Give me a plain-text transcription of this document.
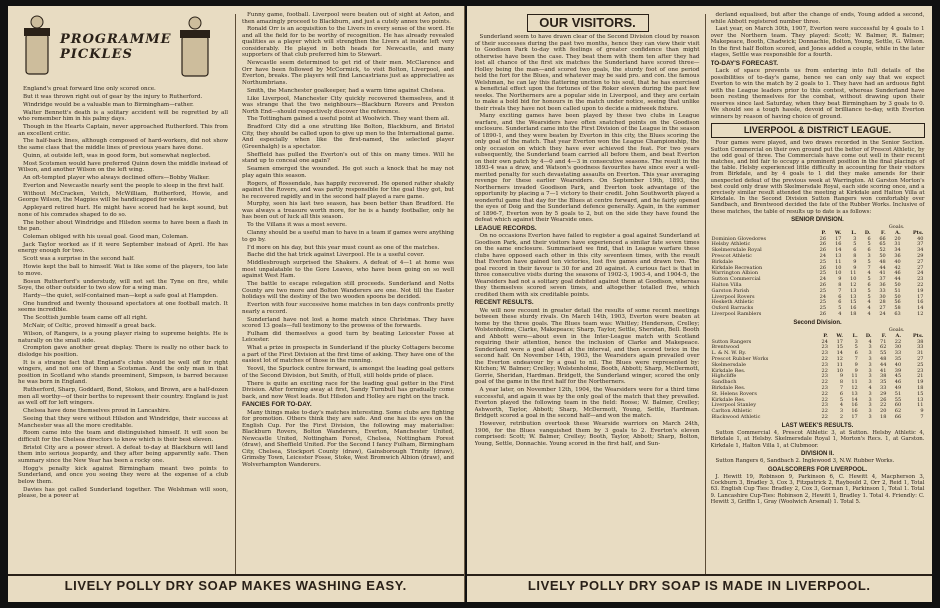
PROGRAMME PICKLES

England's great forward line only scored once.

But it was thrown right out of gear by the injury to Rutherford.

Windridge would be a valuable man to Birmingham—rather.

Walter Bennett's death is a solitary accident will be regretted by all who remember him in his palmy days.

Though in the Hearts Captain, never approached Rutherford. This from an excellent critic.

The half-back lines, although composed of hard-workers, did not show the same class that the middle lines of previous years have done.

Quinn, at outside left, was in good form, but somewhat neglected.

Most Scotsmen would have preferred Quinn down the middle instead of Wilson, and another Wilson on the left wing.

An oft-tempted player who always declined offers—Bobby Walker.

Everton and Newcastle nearly sent the people to sleep in the first half.

Without McCracken, Veitch, McWilliam, Rutherford, Howie, and George Wilson, the Magpies will be handicapped for weeks.

Appleyard retired hurt. He might have scored had he kept sound, but none of his comrades shaped to do so.

The bother about Windridge and Hilsdon seems to have been a flash in the pan.

Coleman obliged with his usual goal. Good man, Coleman.

Jack Taylor worked as if it were September instead of April. He has energy enough for two.

Scott was a surprise in the second half.

Howie kept the ball to himself. Wat is like some of the players, too late to move.

Bosun Rutherford's understudy, will not set the Tyne on fire, while Soye, the other outsider to two slow for a wing man.

Hardy—the quiet, self-contained man—kept a safe goal at Hampden.

One hundred and twenty thousand spectators at one football match. It seems incredible.

The Scottish jumble team came off all right.

McNair, of Celtic, proved himself a great back.

Wilson, of Rangers, is a young player rising to supreme heights. He is naturally on the small side.

Crompton gave another great display. There is really no other back to dislodge his position.

It is a strange fact that England's clubs should be well off for right wingers, and not one of them a Scotsman. And the only man in that position in Scotland who stands preeminent, Simpson, is barred because he was born in England.

Rutherford, Sharp, Goddard, Bond, Stokes, and Brown, are a half-dozen men all worthy—of their berths to represent their country. England is just as well off for left wingers.

Chelsea have done themselves proud in Lancashire.

Seeing that they were without Hilsdon and Windridge, their success at Manchester was all the more creditable.

Room came into the team and distinguished himself. It will soon be difficult for the Chelsea directors to know which is their best eleven.

Bristol City are a power street. A defeat to-day at Blackburn will land them into serious jeopardy, and they after being apparently safe. Then summary since the New Year has been a rocky one.

Hogg's penalty kick against Birmingham meant two points to Sunderland, and once you seeing they were at the expense of a club below them.

Davies has got called Sunderland together. The Welshman will soon, please, be a power at

Funny game, football. Liverpool were beaten out of sight at Aston, and then amazingly proceed to Blackburn, and just a cutely annex two points.

Ronald Orr is an acquisition to the Livers in every sense of the word. He and all the field for to be worthy of recognition. He has already revealed qualities as a player which will strengthen the Livers at inside left very considerably. He played in both heads for Newcastle, and many supporters of that club preferred him to Stewart.

Newcastle seem determined to get rid of their men. McClarence and Orr have been followed by McCormick, to visit Bolton, Liverpool, and Everton, breaks. The players will find Lancastrians just as appreciative as Northumbrians.

Smith, the Manchester goalkeeper, had a warm time against Chelsea.

Like Liverpool, Manchester City quickly recovered themselves, and it was strange that the two neighbours—Blackburn Rovers and Preston North End—should respectively discover the reference.

The Tottingham gained a useful point at Woolwich. They want them all.

Bradford City did a one strutting like Bolton, Blackburn, and Bristol City, they should be called upon to give up men to the International game. And especially when like the first-named, the selected player (Greenhalgh) is a spectator.

Sheffield has pulled the Everton's out of this on many times. Will he stand up to conceal one again?

Seamen emerged the wounded. He got such a knock that he may not play again this season.

Rogers, of Rossendale, has happily recovered. He opened rather shakily against the Rovers, and was partly responsible for the goal they got, but he recovered rapidly and in the second half played a rare game.

Murphy, seen his last two season, has been better than Bradford. He was always a treasure worth more, for he is a handy footballer, only he has been out of luck all this season.

To the Villans it was a most severe.

Clanny should be a useful man to have in a team if games were anything to go by.

I'd more on his day, but this year must count as one of the matches.

Bache did the hat trick against Liverpool. He is a useful cover.

Middlesbrough surprised the Shakers. A defeat of 4—1 at home was most unpalatable to the Gore Leaves, who have been going on so well against West Ham.

The battle to escape relegation still proceeds. Sunderland and Notts County are two more and Bolton Wanderers are one. Not till the Easter holidays will the destiny of the two wooden spoons be decided.

Everton with four successive home matches in ten days confronts pretty nearly a record.

Sunderland have not lost a home match since Christmas. They have scored 13 goals—full testimony to the prowess of the forwards.

Fulham did themselves a good turn by beating Leicester Fosse at Leicester.

What a prize in prospects in Sunderland if the plucky Cottagers become a part of the First Division at the first time of asking. They have one of the easiest lot of matches of those in the running.

Yeovil, the Spurlock centre forward, is amongst the leading goal getters of the Second Division, but Smith, of Hull, still holds pride of place.

There is quite an exciting race for the leading goal getter in the First Division. After forming away at first, Sandy Turnbull has gradually come back, and now West leads. But Hilsdon and Holley are right on the track.

FANCIES FOR TO-DAY.

Many things make to-day's matches interesting. Some clubs are fighting for promotion. Others think they are safe. And one has its eyes on the English Cup. For the First Division, the following may materialise: Blackburn Rovers, Bolton Wanderers, Everton, Manchester United, Newcastle United, Nottingham Forest, Chelsea, Nottingham Forest (draw), and Sheffield United. For the Second I fancy Fulham, Birmingham City, Chelsea, Stockport County (draw), Gainsborough Trinity (draw), Grimsby Town, Leicester Fosse, Stoke, West Bromwich Albion (draw), and Wolverhampton Wanderers.

LIVELY POLLY DRY SOAP MAKES WASHING EASY.
OUR VISITORS.

Sunderland seem to have drawn clear of the Second Division cloud by reason of their successes during the past two months, hence they can view their visit to Goodison Park to-day with feelings of greater confidence than might otherwise have been the case. They beat them with them ten after they had lost all chance of the first six matches the Sunderland have scored three—Holley being the man—and scored two goals, the sturdy foot of one period held the fort for the Blues, and whatever may be said pro. and con. the famous Welshman, he can lay this flattering unction to his soul, that he has exercised a beneficial effect upon the fortunes of the Roker eleven during the past few weeks. The Northerners are a popular side in Liverpool, and they are certain to make a bold bid for honours in the match under notice, seeing that unlike their rivals they have not been called upon to decide a midweek fixture.

Many exciting games have been played by these two clubs in League warfare, and the Wearsiders have often snatched points on the Goodison enclosure. Sunderland came into the First Division of the League in the season of 1890-1, and they were beaten by Everton in this city, the Blues scoring the only goal of the match. That year Everton won the League Championship, the only occasion on which they have ever achieved the feat. For two years subsequently, the Sunderland team carried all before them, and beat Everton on their own patch by 4—0 and 4—3 in consecutive seasons. The result in the 1893-4 was a draw, and Watson's goodness favourites have since ever a well-merited penalty for such devastating assaults on Everton. This year averaging revenge for these earlier Wearsiders. On September 19th, 1893, the Northerners invaded Goodison Park, and Everton took advantage of the opportunity by placing a 7—1 victory to their credit. John Southworth played a wonderful game that day for the Blues at centre forward, and he fairly opened the eyes of Doig and the Sunderland defence generally. Again, in the summer of 1896-7, Everton won by 5 goals to 2, but on the side they have found the defeat which against their Wearside ones.

LEAGUE RECORDS.

On no occasions Everton have failed to register a goal against Sunderland at Goodison Park, and their visitors have experienced a similar fate seven times on the same enclosure. Summarised we find, that in League warfare these clubs have opposed each other in this city seventeen times, with the result that Everton have gained ten victories, lost five games and drawn two. The goal record in their favour is 30 for and 20 against. A curious fact is that in three consecutive visits during the seasons of 1902-3, 1903-4, and 1904-5, the Wearsiders had not a solitary goal debited against them at Goodison, whereas they themselves scored seven times, and altogether totalled five, which credited them with six creditable points.

RECENT RESULTS.

We will now recount in greater detail the results of some recent meetings between these sturdy rivals. On March 14th, 1903, Everton were beaten at home by the three goals. The Blues team was: Whitley; Henderson, Crelley; Wolstenholme, Clarke, Makepeace; Sharp, Taylor, Settle, Sheridan, Bell. Booth and Abbott were—about even in the Inter-League match with Scotland requiring their attention, hence the inclusion of Clarke and Makepeace. Sunderland were a goal ahead at the interval, and then scored twice in the second half. On November 14th, 1903, the Wearsiders again prevailed over the Everton endeavour by a goal to nil. The Blues were represented by: Kitchen; W. Balmer; Crelley; Wolstenholme, Booth, Abbott; Sharp, McDermott, Gorrie, Sheridan, Hardman. Bridgett, the Sunderland winger, scored the only goal of the game in the first half for the Northerners.

A year later, on November 12th, 1904, the Wearsiders were for a third time successful, and again it was by the only goal of the match that they prevailed. Everton played the following team in the field: Roose; W. Balmer, Crelley; Ashworth, Taylor, Abbott; Sharp, McDermott, Young, Settle, Hardman. Bridgett scored a goal in the second half—and won the match.

However, retribution overtook these Wearside warriors on March 24th, 1906, for the Blues vanquished them by 3 goals to 2. Everton's eleven comprised: Scott; W. Balmer, Crelley; Booth, Taylor, Abbott; Sharp, Bolton, Young, Settle, Donnachie. Young scored in the first half, and Sun-

derland equalised, but after the change of ends, Young added a second, while Abbott registered number three.

Last year, on March 30th, 1907, Everton were successful by 4 goals to 1 over the Northern team. They played: Scott; W. Balmer, R. Balmer; Makepeace, Booth, Chadwick; Donnachie, Bolton, Young, Settle, G. Wilson. In the first half Bolton scored, and Jones added a couple, while in the later stages, Settle was responsible for a fourth.

TO-DAY'S FORECAST.

Lack of space prevents us from entering into full details of the possibilities of to-day's game, hence we can only say that we expect Everton to win the match by 2 goals to 1. They have had an arduous fight with the League leaders prior to this contest, whereas Sunderland have been resting themselves for the combat, without drawing upon their reserves since last Saturday, when they beat Birmingham by 3 goals to 0. We should see a tough hassle, devoid of brilliance to-day, with Everton winners by reason of having choice of ground.

LIVERPOOL & DISTRICT LEAGUE.

Four games were played, and two draws recorded in the Senior Section. Sutton Commercial on their own ground put the better of Prescot Athletic, by the odd goal of three. The Commercials have come out well in their recent matches, and bid fair to occupy a prominent position in the final placings of the table. Helsby experienced little difficulty in accounting for their visitors from Birkdale, and by 4 goals to 1 did they make amends for their unexpected defeat of the previous week at Warrington. At Garston Morton's best could only draw with Skelmersdale Royal, each side scoring once, and a precisely similar result attended the meeting at Kirkdale and Halton Villa at Kirkdale. In the Second Division Sutton Rangers won comfortably over Sandbach, and Brentwood decided the fate of the Rubber Works. Inclusive of these matches, the table of results up to date is as follows:

SENIOR DIVISION.
Goals.
	P.	W.	L.	D.	F.	A.	Pts.
Dominion Glovedores	26	17	3	6	66	20	40
Helsby Athletic	26	16	5	5	65	31	37
Skelmersdale Royal	26	14	6	6	52	34	34
Prescot Athletic	24	13	8	3	50	36	29
Birkdale	25	11	9	5	48	40	27
Kirkdale Recreation	26	10	9	7	44	42	27
Warrington Albion	25	10	11	4	41	46	24
Sutton Commercial	24	9	10	5	37	44	23
Halton Villa	26	8	12	6	36	50	22
Garston Parish	25	7	13	5	33	51	19
Liverpool Rovers	24	6	13	5	30	50	17
Hesketh Athletic	25	6	15	4	28	56	16
Oxford Barracks	25	5	16	4	27	58	14
Liverpool Ramblers	26	4	18	4	24	63	12
Second Division.
Goals.
	P.	W.	L.	D.	F.	A.	Pts.
Sutton Rangers	24	17	3	4	71	22	38
Brentwood	23	15	5	3	62	30	33
L. & N. W. Ry.	23	14	6	3	55	33	31
Prescot Rubber Works	22	12	7	3	48	35	27
Skelmersdale	23	11	9	3	44	40	25
Kirkdale Res.	22	10	9	3	41	39	23
Highcliffe	23	9	11	3	38	45	21
Sandbach	22	8	11	3	35	46	19
Birkdale Res.	23	7	12	4	33	49	18
St. Helens Rovers	22	6	13	3	29	51	15
Kirkdale Res.	22	5	14	3	26	55	13
Liverpool Stanley	23	4	16	3	22	60	11
Carlton Athletic	22	3	16	3	20	62	9
Blackwood Athletic	22	2	17	3	18	66	7
LAST WEEK'S RESULTS.

Sutton Commercial 4, Prescot Athletic 3, at Sutton. Helsby Athletic 4, Birkdale 1, at Helsby. Skelmersdale Royal 1, Morton's Recs. 1, at Garston. Kirkdale 1, Halton Villa 1, at Clubmoor.

DIVISION II.

Sutton Rangers 6, Sandbach 2. Inglewood 3, N.W. Rubber Works.

GOALSCORERS FOR LIVERPOOL.

J. Hewitt 19, Robinson 9, Parkinson 6, C. Hewitt 4, Macpherson 3, Cockburn 3, Bradley 3, Cox 3, Fitzpatrick 2, Raybould 2, Orr 2, Reid 1, Total 63. English Cup Ties: Bradley 2, Cox 3, Gorman 1, Parkinson 1, Total 1. Total 9. Lancashire Cup-Ties: Robinson 2, Hewitt 1, Bradley 1. Total 4. Friendly: C. Hewitt 3, Griffin 1, Gray (Woolwich Arsenal) 1. Total 5.

LIVELY POLLY DRY SOAP IS MADE IN LIVERPOOL.
